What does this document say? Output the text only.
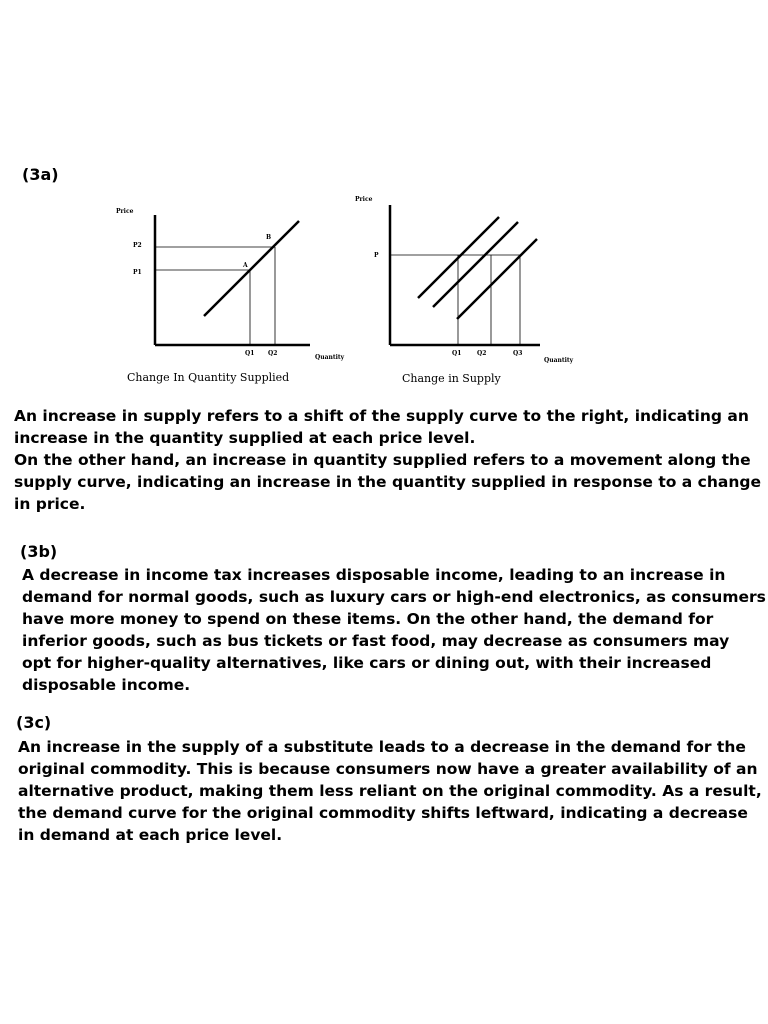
(3a)
Price
P2
P1
B
A
Q1 Q2
Quantity
Change In Quantity Supplied
Price
P
Q1	Q2	Q3
Quantity
Change in Supply
An increase in supply refers to a shift of the supply curve to the right, indicating an
increase in the quantity supplied at each price level.
On the other hand, an increase in quantity supplied refers to a movement along the
supply curve, indicating an increase in the quantity supplied in response to a change
in price.
(3b)
A decrease in income tax increases disposable income, leading to an increase in
demand for normal goods, such as luxury cars or high-end electronics, as consumers
have more money to spend on these items. On the other hand, the demand for
inferior goods, such as bus tickets or fast food, may decrease as consumers may
opt for higher-quality alternatives, like cars or dining out, with their increased
disposable income.
(3c)
An increase in the supply of a substitute leads to a decrease in the demand for the
original commodity. This is because consumers now have a greater availability of an
alternative product, making them less reliant on the original commodity. As a result,
the demand curve for the original commodity shifts leftward, indicating a decrease
in demand at each price level.
